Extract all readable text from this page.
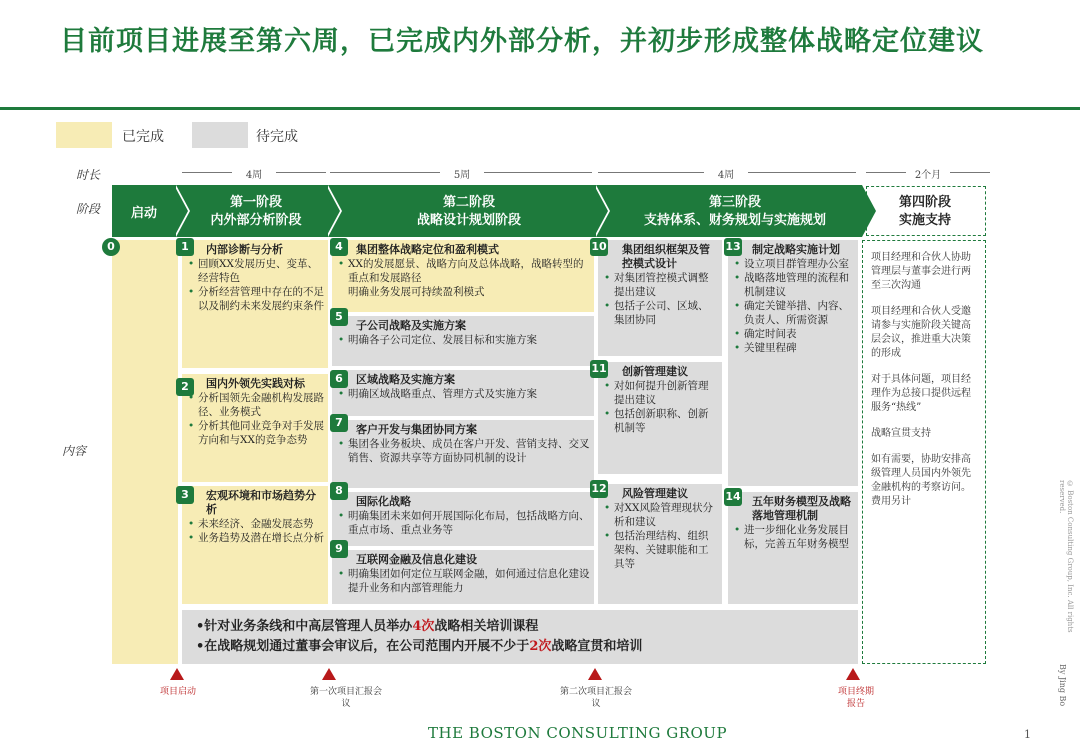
目前项目进展至第六周，已完成内外部分析，并初步形成整体战略定位建议
已完成	待完成
时长
阶段
内容
4周	5周	4周	2个月
启动
第一阶段
内外部分析阶段
第二阶段
战略设计规划阶段
第三阶段
支持体系、财务规划与实施规划
第四阶段
实施支持
0	内部诊断与分析
• 回顾XX发展历史、变革、经营特色
• 分析经营管理中存在的不足以及制约未来发展约束条件
1
国内外领先实践对标
• 分析国领先金融机构发展路径、业务模式
• 分析其他同业竞争对手发展方向和与XX的竞争态势
2
宏观环境和市场趋势分析
• 未来经济、金融发展态势
• 业务趋势及潜在增长点分析
3
集团整体战略定位和盈利模式
• XX的发展愿景、战略方向及总体战略，战略转型的重点和发展路径
明确业务发展可持续盈利模式
4
子公司战略及实施方案
• 明确各子公司定位、发展目标和实施方案
5
区域战略及实施方案
• 明确区域战略重点、管理方式及实施方案
6
客户开发与集团协同方案
• 集团各业务板块、成员在客户开发、营销支持、交叉销售、资源共享等方面协同机制的设计
7
国际化战略
• 明确集团未来如何开展国际化布局，包括战略方向、重点市场、重点业务等
8
互联网金融及信息化建设
• 明确集团如何定位互联网金融，如何通过信息化建设提升业务和内部管理能力
9
集团组织框架及管控模式设计
• 对集团管控模式调整提出建议
• 包括子公司、区域、集团协同
10
创新管理建议
• 对如何提升创新管理提出建议
• 包括创新职称、创新机制等
11
风险管理建议
• 对XX风险管理现状分析和建议
• 包括治理结构、组织架构、关键职能和工具等
12
制定战略实施计划
• 设立项目群管理办公室
• 战略落地管理的流程和机制建议
• 确定关键举措、内容、负责人、所需资源
• 确定时间表
• 关键里程碑
13
五年财务模型及战略落地管理机制
• 进一步细化业务发展目标，完善五年财务模型
14
项目经理和合伙人协助管理层与董事会进行两至三次沟通
项目经理和合伙人受邀请参与实施阶段关键高层会议，推进重大决策的形成
对于具体问题，项目经理作为总接口提供远程服务“热线”
战略宣贯支持
如有需要，协助安排高级管理人员国内外领先金融机构的考察访问。费用另计
•针对业务条线和中高层管理人员举办4次战略相关培训课程
•在战略规划通过董事会审议后，在公司范围内开展不少于2次战略宣贯和培训
项目启动	第一次项目汇报会议
第二次项目汇报会议
项目终期报告
THE BOSTON CONSULTING GROUP	1
© Boston Consulting Group, Inc. All rights reserved.
By Jing Bo
